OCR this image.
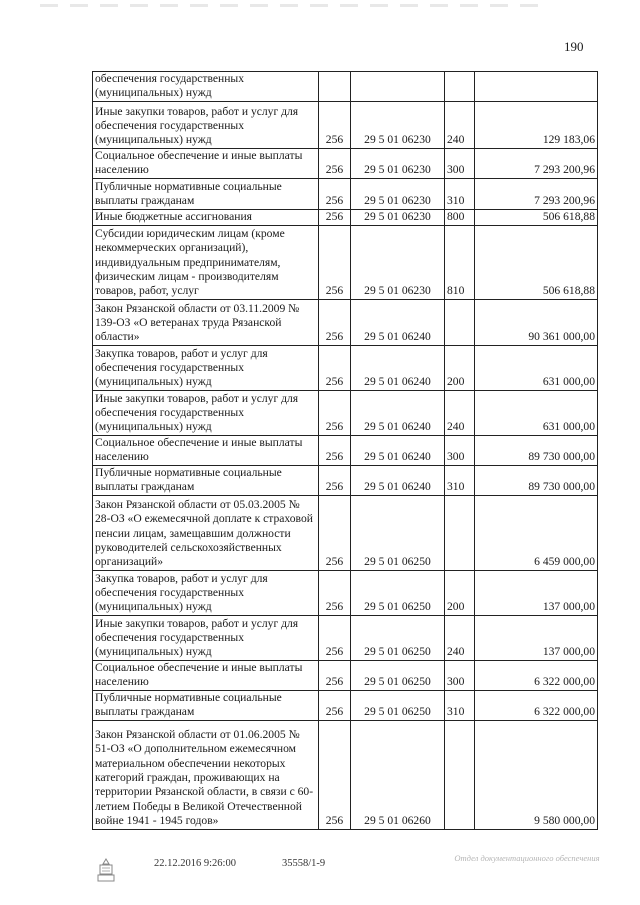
190
обеспечения государственных (муниципальных) нужд				
Иные закупки товаров, работ и услуг для обеспечения государственных (муниципальных) нужд	256	29 5 01 06230	240	129 183,06
Социальное обеспечение и иные выплаты населению	256	29 5 01 06230	300	7 293 200,96
Публичные нормативные социальные выплаты гражданам	256	29 5 01 06230	310	7 293 200,96
Иные бюджетные ассигнования	256	29 5 01 06230	800	506 618,88
Субсидии юридическим лицам (кроме некоммерческих организаций), индивидуальным предпринимателям, физическим лицам - производителям товаров, работ, услуг	256	29 5 01 06230	810	506 618,88
Закон Рязанской области от 03.11.2009 № 139-ОЗ «О ветеранах труда Рязанской области»	256	29 5 01 06240		90 361 000,00
Закупка товаров, работ и услуг для обеспечения государственных (муниципальных) нужд	256	29 5 01 06240	200	631 000,00
Иные закупки товаров, работ и услуг для обеспечения государственных (муниципальных) нужд	256	29 5 01 06240	240	631 000,00
Социальное обеспечение и иные выплаты населению	256	29 5 01 06240	300	89 730 000,00
Публичные нормативные социальные выплаты гражданам	256	29 5 01 06240	310	89 730 000,00
Закон Рязанской области от 05.03.2005 № 28-ОЗ «О ежемесячной доплате к страховой пенсии лицам, замещавшим должности руководителей сельскохозяйственных организаций»	256	29 5 01 06250		6 459 000,00
Закупка товаров, работ и услуг для обеспечения государственных (муниципальных) нужд	256	29 5 01 06250	200	137 000,00
Иные закупки товаров, работ и услуг для обеспечения государственных (муниципальных) нужд	256	29 5 01 06250	240	137 000,00
Социальное обеспечение и иные выплаты населению	256	29 5 01 06250	300	6 322 000,00
Публичные нормативные социальные выплаты гражданам	256	29 5 01 06250	310	6 322 000,00
Закон Рязанской области от 01.06.2005 № 51-ОЗ «О дополнительном ежемесячном материальном обеспечении некоторых категорий граждан, проживающих на территории Рязанской области, в связи с 60-летием Победы в Великой Отечественной войне 1941 - 1945 годов»	256	29 5 01 06260		9 580 000,00
22.12.2016 9:26:00	35558/1-9	Отдел документационного обеспечения
